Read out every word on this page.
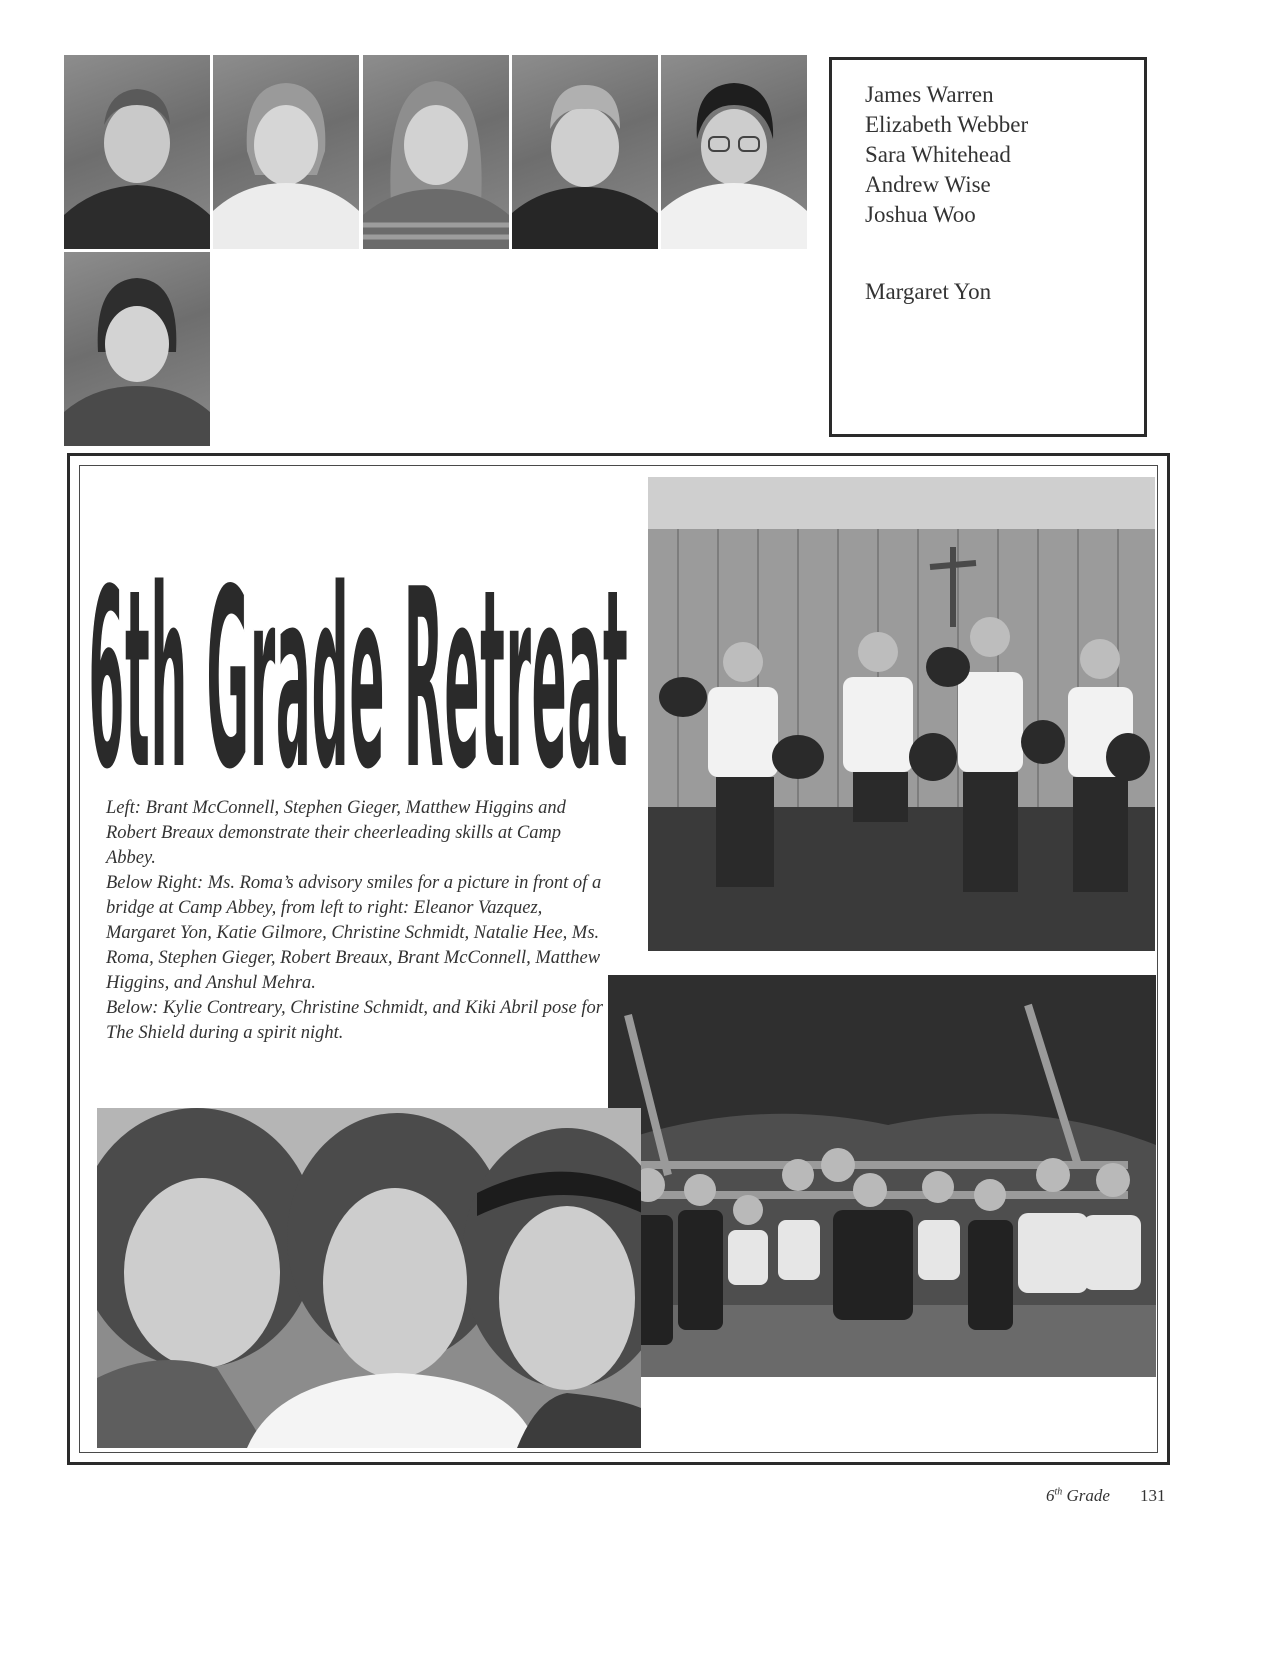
James Warren
Elizabeth Webber
Sara Whitehead
Andrew Wise
Joshua Woo
Margaret Yon
6th Grade Retreat

Left: Brant McConnell, Stephen Gieger, Matthew Higgins and Robert Breaux demonstrate their cheerleading skills at Camp Abbey.

Below Right: Ms. Roma’s advisory smiles for a picture in front of a bridge at Camp Abbey, from left to right: Eleanor Vazquez, Margaret Yon, Katie Gilmore, Christine Schmidt, Natalie Hee, Ms. Roma, Stephen Gieger, Robert Breaux, Brant McConnell, Matthew Higgins, and Anshul Mehra.

Below: Kylie Contreary, Christine Schmidt, and Kiki Abril pose for The Shield during a spirit night.

6th Grade 131
